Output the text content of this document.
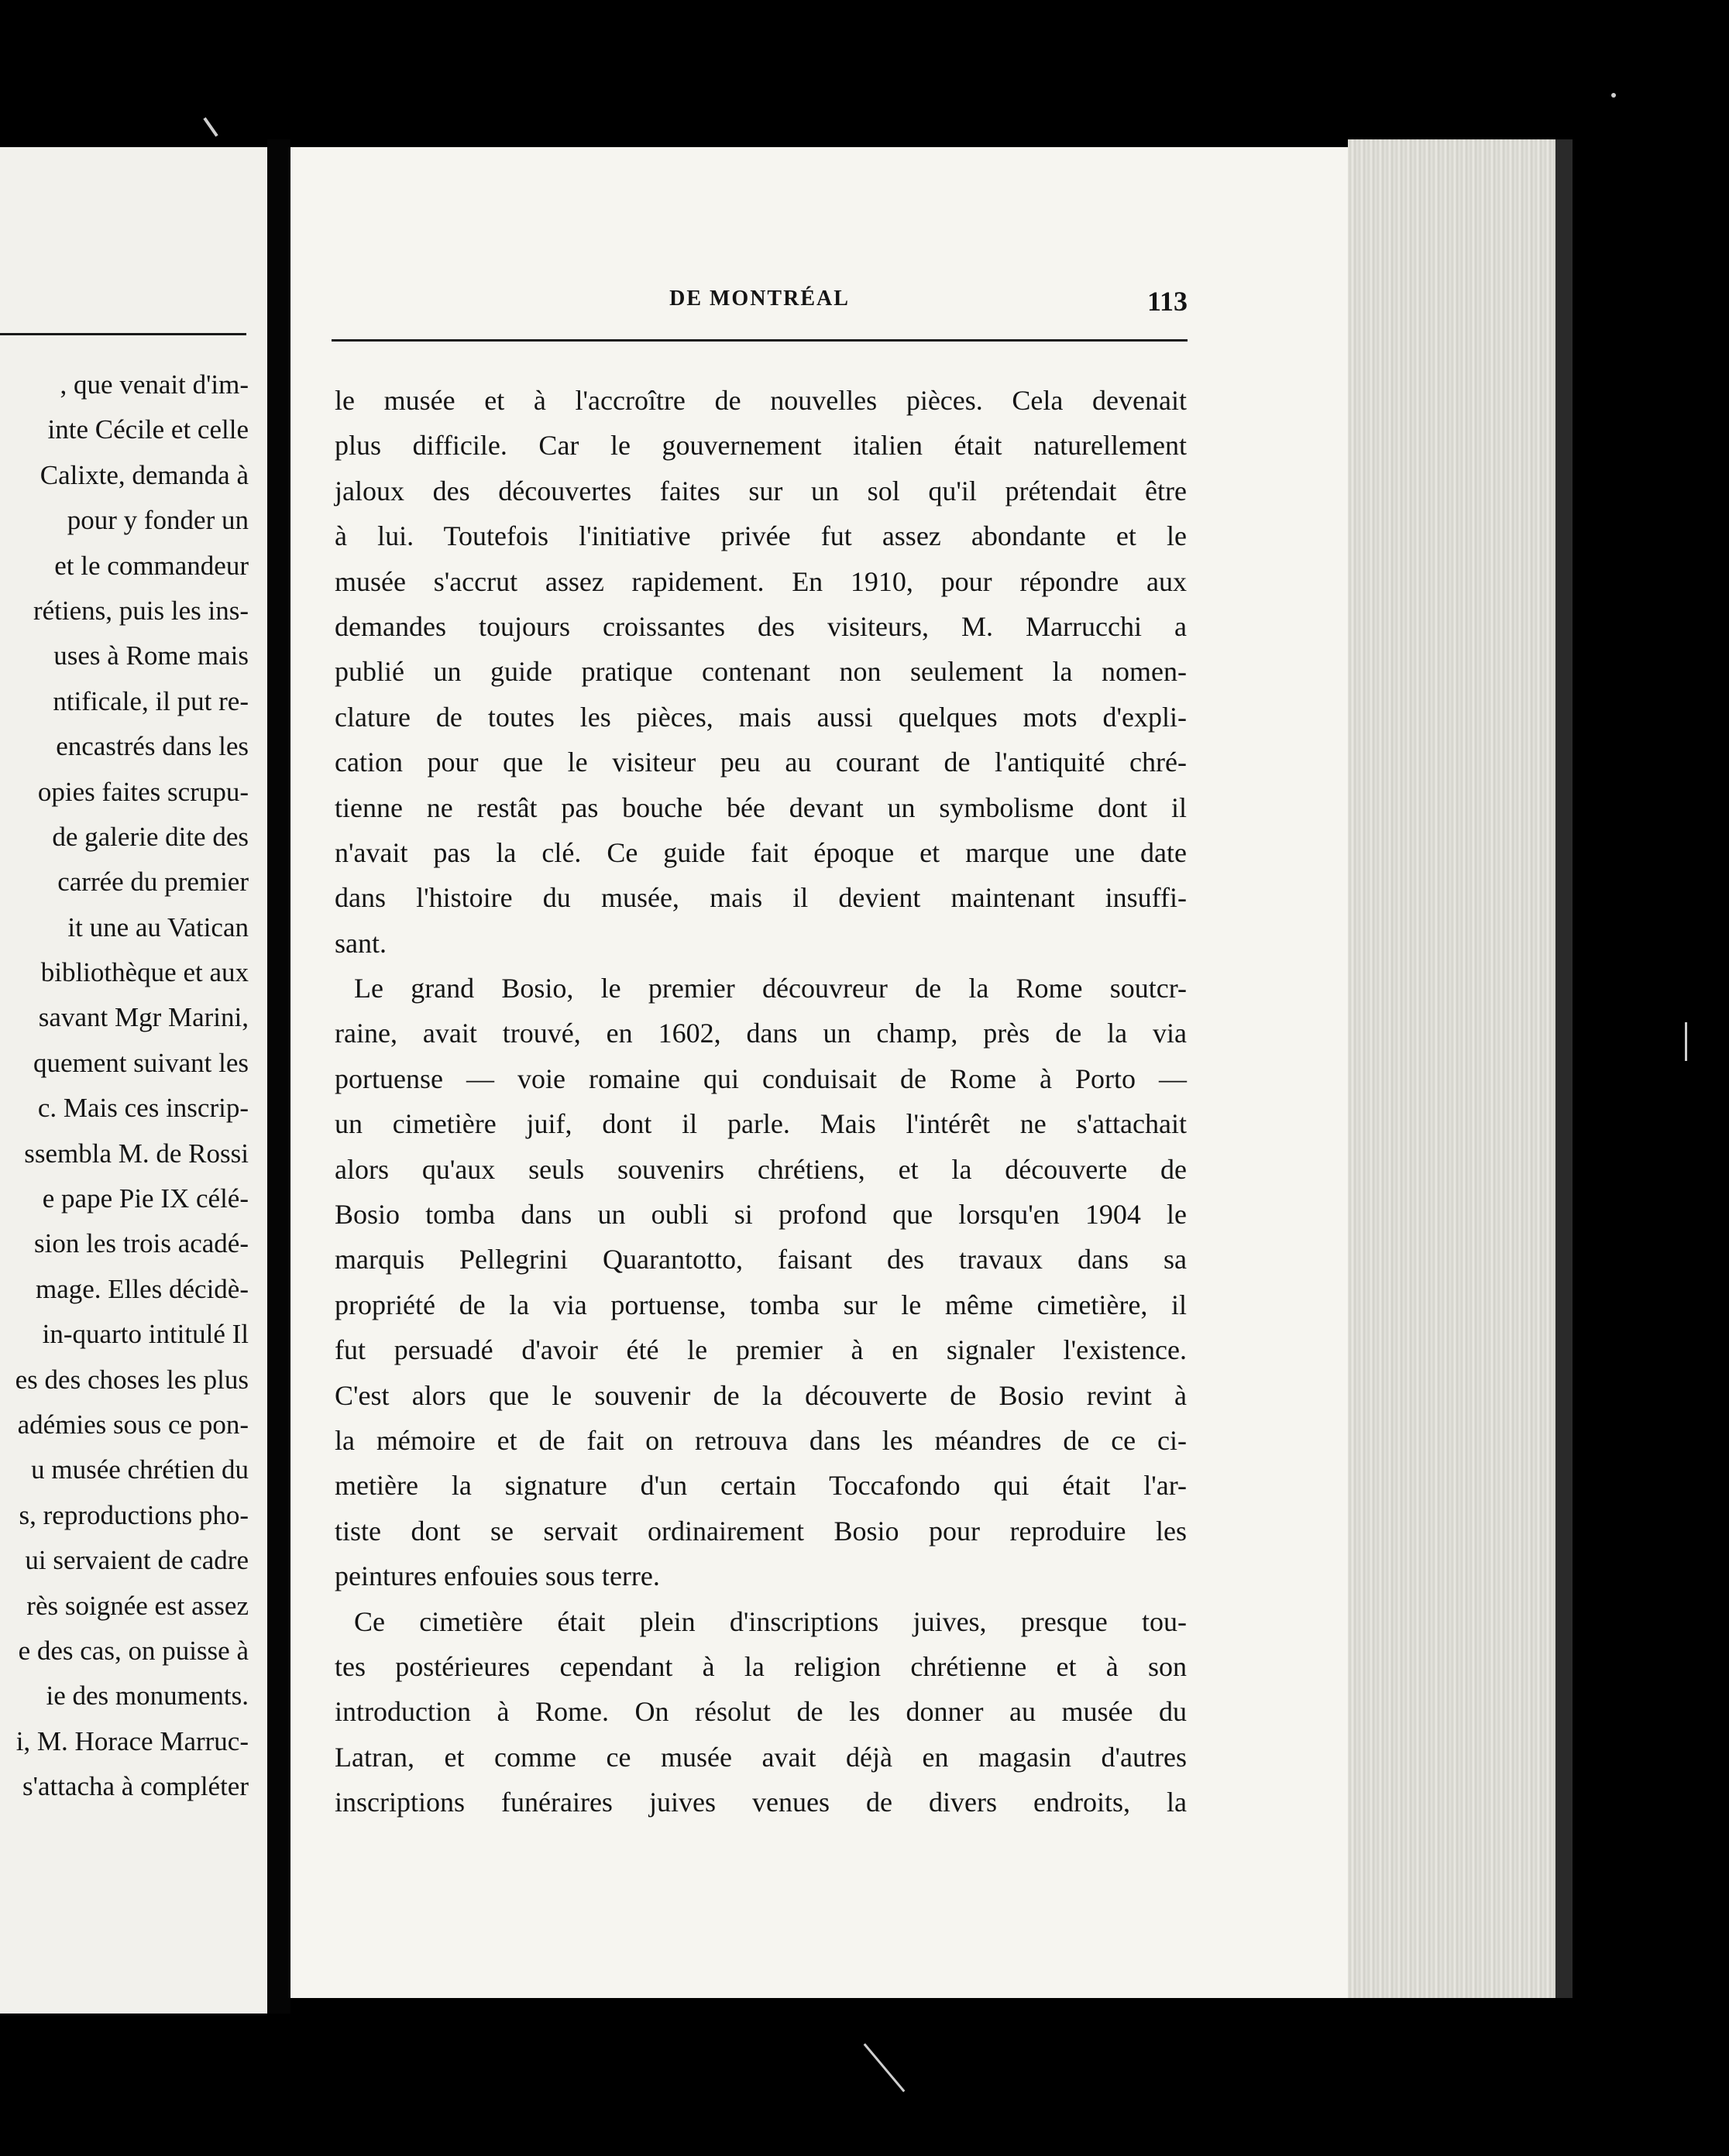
, que venait d'im-
inte Cécile et celle
Calixte, demanda à
pour y fonder un
et le commandeur
rétiens, puis les ins-
uses à Rome mais
ntificale, il put re-
encastrés dans les
opies faites scrupu-
de galerie dite des
carrée du premier
it une au Vatican
bibliothèque et aux
savant Mgr Marini,
quement suivant les
c. Mais ces inscrip-
ssembla M. de Rossi
e pape Pie IX célé-
sion les trois acadé-
mage. Elles décidè-
in-quarto intitulé Il
es des choses les plus
adémies sous ce pon-
u musée chrétien du
s, reproductions pho-
ui servaient de cadre
rès soignée est assez
e des cas, on puisse à
ie des monuments.
i, M. Horace Marruc-
s'attacha à compléter
DE MONTRÉAL	113
le musée et à l'accroître de nouvelles pièces. Cela devenait
plus difficile. Car le gouvernement italien était naturellement
jaloux des découvertes faites sur un sol qu'il prétendait être
à lui. Toutefois l'initiative privée fut assez abondante et le
musée s'accrut assez rapidement. En 1910, pour répondre aux
demandes toujours croissantes des visiteurs, M. Marrucchi a
publié un guide pratique contenant non seulement la nomen-
clature de toutes les pièces, mais aussi quelques mots d'expli-
cation pour que le visiteur peu au courant de l'antiquité chré-
tienne ne restât pas bouche bée devant un symbolisme dont il
n'avait pas la clé. Ce guide fait époque et marque une date
dans l'histoire du musée, mais il devient maintenant insuffi-
sant.
Le grand Bosio, le premier découvreur de la Rome soutcr-
raine, avait trouvé, en 1602, dans un champ, près de la via
portuense — voie romaine qui conduisait de Rome à Porto —
un cimetière juif, dont il parle. Mais l'intérêt ne s'attachait
alors qu'aux seuls souvenirs chrétiens, et la découverte de
Bosio tomba dans un oubli si profond que lorsqu'en 1904 le
marquis Pellegrini Quarantotto, faisant des travaux dans sa
propriété de la via portuense, tomba sur le même cimetière, il
fut persuadé d'avoir été le premier à en signaler l'existence.
C'est alors que le souvenir de la découverte de Bosio revint à
la mémoire et de fait on retrouva dans les méandres de ce ci-
metière la signature d'un certain Toccafondo qui était l'ar-
tiste dont se servait ordinairement Bosio pour reproduire les
peintures enfouies sous terre.
Ce cimetière était plein d'inscriptions juives, presque tou-
tes postérieures cependant à la religion chrétienne et à son
introduction à Rome. On résolut de les donner au musée du
Latran, et comme ce musée avait déjà en magasin d'autres
inscriptions funéraires juives venues de divers endroits, la
